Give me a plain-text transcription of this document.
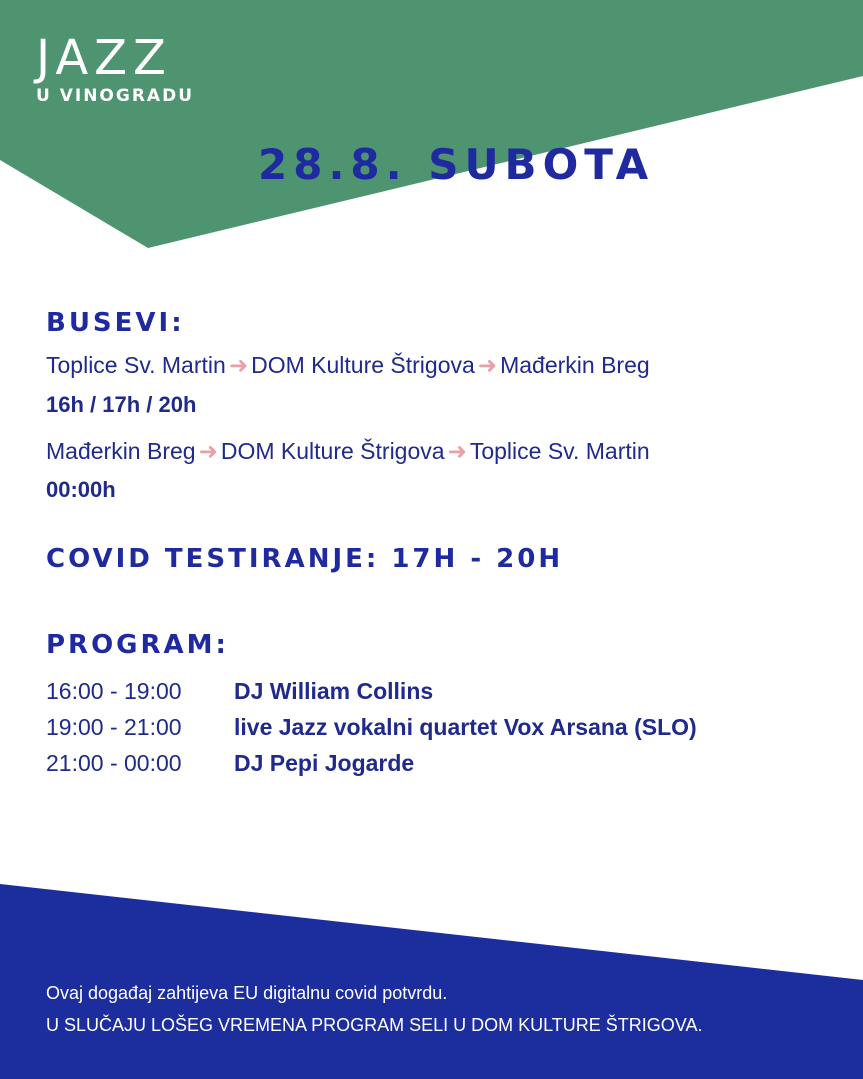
JAZZ
U VINOGRADU
28.8. SUBOTA
BUSEVI:
Toplice Sv. Martin ➜ DOM Kulture Štrigova ➜ Mađerkin Breg
16h / 17h / 20h
Mađerkin Breg ➜ DOM Kulture Štrigova ➜ Toplice Sv. Martin
00:00h
COVID TESTIRANJE: 17H - 20H
PROGRAM:
16:00 - 19:00 DJ William Collins
19:00 - 21:00 live Jazz vokalni quartet Vox Arsana (SLO)
21:00 - 00:00 DJ Pepi Jogarde
Ovaj događaj zahtijeva EU digitalnu covid potvrdu.
U SLUČAJU LOŠEG VREMENA PROGRAM SELI U DOM KULTURE ŠTRIGOVA.
